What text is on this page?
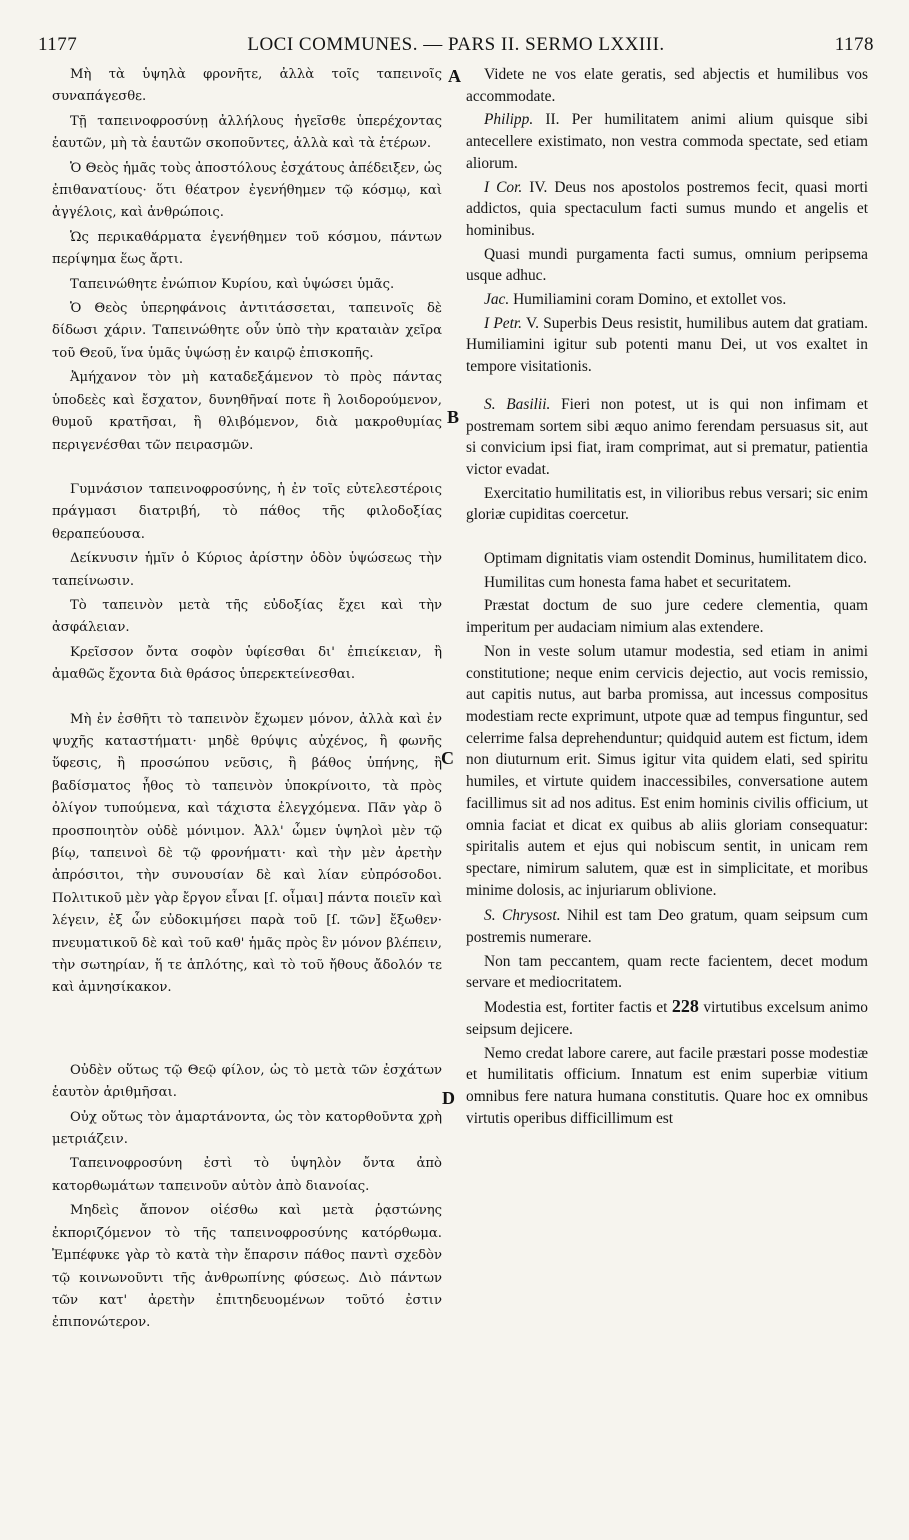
1177	LOCI COMMUNES. — PARS II. SERMO LXXIII.	1178
A
B
C
D

Μὴ τὰ ὑψηλὰ φρονῆτε, ἀλλὰ τοῖς ταπεινοῖς συναπάγεσθε.

Τῇ ταπεινοφροσύνῃ ἀλλήλους ἡγεῖσθε ὑπερέχοντας ἑαυτῶν, μὴ τὰ ἑαυτῶν σκοποῦντες, ἀλλὰ καὶ τὰ ἑτέρων.

Ὁ Θεὸς ἡμᾶς τοὺς ἀποστόλους ἐσχάτους ἀπέδειξεν, ὡς ἐπιθανατίους· ὅτι θέατρον ἐγενήθημεν τῷ κόσμῳ, καὶ ἀγγέλοις, καὶ ἀνθρώποις.

Ὡς περικαθάρματα ἐγενήθημεν τοῦ κόσμου, πάντων περίψημα ἕως ἄρτι.

Ταπεινώθητε ἐνώπιον Κυρίου, καὶ ὑψώσει ὑμᾶς.

Ὁ Θεὸς ὑπερηφάνοις ἀντιτάσσεται, ταπεινοῖς δὲ δίδωσι χάριν. Ταπεινώθητε οὖν ὑπὸ τὴν κραταιὰν χεῖρα τοῦ Θεοῦ, ἵνα ὑμᾶς ὑψώσῃ ἐν καιρῷ ἐπισκοπῆς.

Ἀμήχανον τὸν μὴ καταδεξάμενον τὸ πρὸς πάντας ὑποδεὲς καὶ ἔσχατον, δυνηθῆναί ποτε ἢ λοιδορούμενον, θυμοῦ κρατῆσαι, ἢ θλιβόμενον, διὰ μακροθυμίας περιγενέσθαι τῶν πειρασμῶν.

Γυμνάσιον ταπεινοφροσύνης, ἡ ἐν τοῖς εὐτελεστέροις πράγμασι διατριβή, τὸ πάθος τῆς φιλοδοξίας θεραπεύουσα.

Δείκνυσιν ἡμῖν ὁ Κύριος ἀρίστην ὁδὸν ὑψώσεως τὴν ταπείνωσιν.

Τὸ ταπεινὸν μετὰ τῆς εὐδοξίας ἔχει καὶ τὴν ἀσφάλειαν.

Κρεῖσσον ὄντα σοφὸν ὑφίεσθαι δι' ἐπιείκειαν, ἢ ἀμαθῶς ἔχοντα διὰ θράσος ὑπερεκτείνεσθαι.

Μὴ ἐν ἐσθῆτι τὸ ταπεινὸν ἔχωμεν μόνον, ἀλλὰ καὶ ἐν ψυχῆς καταστήματι· μηδὲ θρύψις αὐχένος, ἢ φωνῆς ὕφεσις, ἢ προσώπου νεῦσις, ἢ βάθος ὑπήνης, ἢ βαδίσματος ἦθος τὸ ταπεινὸν ὑποκρίνοιτο, τὰ πρὸς ὀλίγον τυπούμενα, καὶ τάχιστα ἐλεγχόμενα. Πᾶν γὰρ ὃ προσποιητὸν οὐδὲ μόνιμον. Ἀλλ' ὦμεν ὑψηλοὶ μὲν τῷ βίῳ, ταπεινοὶ δὲ τῷ φρονήματι· καὶ τὴν μὲν ἀρετὴν ἀπρόσιτοι, τὴν συνουσίαν δὲ καὶ λίαν εὐπρόσοδοι. Πολιτικοῦ μὲν γὰρ ἔργον εἶναι [ſ. οἶμαι] πάντα ποιεῖν καὶ λέγειν, ἐξ ὧν εὐδοκιμήσει παρὰ τοῦ [ſ. τῶν] ἔξωθεν· πνευματικοῦ δὲ καὶ τοῦ καθ' ἡμᾶς πρὸς ἓν μόνον βλέπειν, τὴν σωτηρίαν, ἥ τε ἁπλότης, καὶ τὸ τοῦ ἤθους ἄδολόν τε καὶ ἀμνησίκακον.

Οὐδὲν οὕτως τῷ Θεῷ φίλον, ὡς τὸ μετὰ τῶν ἐσχάτων ἑαυτὸν ἀριθμῆσαι.

Οὐχ οὕτως τὸν ἁμαρτάνοντα, ὡς τὸν κατορθοῦντα χρὴ μετριάζειν.

Ταπεινοφροσύνη ἐστὶ τὸ ὑψηλὸν ὄντα ἀπὸ κατορθωμάτων ταπεινοῦν αὑτὸν ἀπὸ διανοίας.

Μηδεὶς ἄπονον οἰέσθω καὶ μετὰ ῥᾳστώνης ἐκποριζόμενον τὸ τῆς ταπεινοφροσύνης κατόρθωμα. Ἐμπέφυκε γὰρ τὸ κατὰ τὴν ἔπαρσιν πάθος παντὶ σχεδὸν τῷ κοινωνοῦντι τῆς ἀνθρωπίνης φύσεως. Διὸ πάντων τῶν κατ' ἀρετὴν ἐπιτηδευομένων τοῦτό ἐστιν ἐπιπονώτερον.

Videte ne vos elate geratis, sed abjectis et humilibus vos accommodate.

Philipp. II. Per humilitatem animi alium quisque sibi antecellere existimato, non vestra commoda spectate, sed etiam aliorum.

I Cor. IV. Deus nos apostolos postremos fecit, quasi morti addictos, quia spectaculum facti sumus mundo et angelis et hominibus.

Quasi mundi purgamenta facti sumus, omnium peripsema usque adhuc.

Jac. Humiliamini coram Domino, et extollet vos.

I Petr. V. Superbis Deus resistit, humilibus autem dat gratiam. Humiliamini igitur sub potenti manu Dei, ut vos exaltet in tempore visitationis.

S. Basilii. Fieri non potest, ut is qui non infimam et postremam sortem sibi æquo animo ferendam persuasus sit, aut si convicium ipsi fiat, iram comprimat, aut si prematur, patientia victor evadat.

Exercitatio humilitatis est, in vilioribus rebus versari; sic enim gloriæ cupiditas coercetur.

Optimam dignitatis viam ostendit Dominus, humilitatem dico.

Humilitas cum honesta fama habet et securitatem.

Præstat doctum de suo jure cedere clementia, quam imperitum per audaciam nimium alas extendere.

Non in veste solum utamur modestia, sed etiam in animi constitutione; neque enim cervicis dejectio, aut vocis remissio, aut capitis nutus, aut barba promissa, aut incessus compositus modestiam recte exprimunt, utpote quæ ad tempus finguntur, sed celerrime falsa deprehenduntur; quidquid autem est fictum, idem non diuturnum erit. Simus igitur vita quidem elati, sed spiritu humiles, et virtute quidem inaccessibiles, conversatione autem facillimus sit ad nos aditus. Est enim hominis civilis officium, ut omnia faciat et dicat ex quibus ab aliis gloriam consequatur: spiritalis autem et ejus qui nobiscum sentit, in unicam rem spectare, nimirum salutem, quæ est in simplicitate, et moribus minime dolosis, ac injuriarum oblivione.

S. Chrysost. Nihil est tam Deo gratum, quam seipsum cum postremis numerare.

Non tam peccantem, quam recte facientem, decet modum servare et mediocritatem.

Modestia est, fortiter factis et 228 virtutibus excelsum animo seipsum dejicere.

Nemo credat labore carere, aut facile præstari posse modestiæ et humilitatis officium. Innatum est enim superbiæ vitium omnibus fere natura humana constitutis. Quare hoc ex omnibus virtutis operibus difficillimum est
